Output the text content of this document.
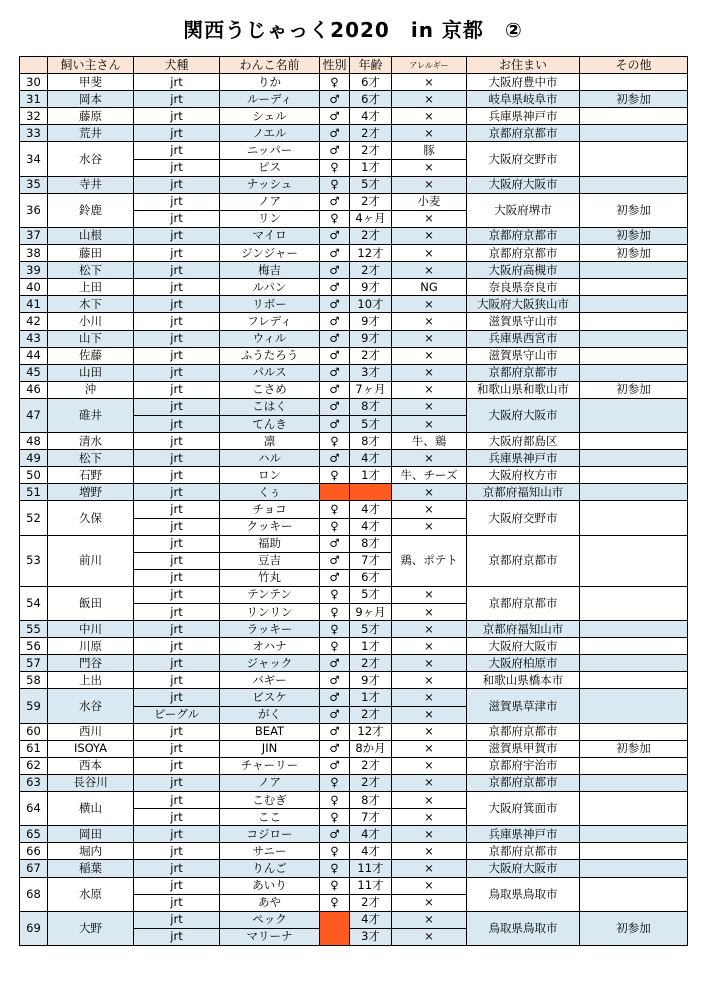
関西うじゃっく2020　in 京都　②
	飼い主さん	犬種	わんこ名前	性別	年齢	アレルギー	お住まい	その他
30	甲斐	jrt	りか	♀	6才	×	大阪府豊中市	
31	岡本	jrt	ルーディ	♂	6才	×	岐阜県岐阜市	初参加
32	藤原	jrt	シェル	♂	4才	×	兵庫県神戸市	
33	荒井	jrt	ノエル	♂	2才	×	京都府京都市	
34	水谷	jrt	ニッパー	♂	2才	豚	大阪府交野市	
		jrt	ピス	♀	1才	×		
35	寺井	jrt	ナッシュ	♀	5才	×	大阪府大阪市	
36	鈴鹿	jrt	ノア	♂	2才	小麦	大阪府堺市	初参加
		jrt	リン	♀	4ヶ月	×		
37	山根	jrt	マイロ	♂	2才	×	京都府京都市	初参加
38	藤田	jrt	ジンジャー	♂	12才	×	京都府京都市	初参加
39	松下	jrt	梅吉	♂	2才	×	大阪府高槻市	
40	上田	jrt	ルパン	♂	9才	NG	奈良県奈良市	
41	木下	jrt	リボー	♂	10才	×	大阪府大阪狭山市	
42	小川	jrt	フレディ	♂	9才	×	滋賀県守山市	
43	山下	jrt	ウィル	♂	9才	×	兵庫県西宮市	
44	佐藤	jrt	ふうたろう	♂	2才	×	滋賀県守山市	
45	山田	jrt	パルス	♂	3才	×	京都府京都市	
46	沖	jrt	こさめ	♂	7ヶ月	×	和歌山県和歌山市	初参加
47	碓井	jrt	こはく	♂	8才	×	大阪府大阪市	
		jrt	てんき	♂	5才	×		
48	清水	jrt	凛	♀	8才	牛、鶏	大阪府都島区	
49	松下	jrt	ハル	♂	4才	×	兵庫県神戸市	
50	石野	jrt	ロン	♀	1才	牛、チーズ	大阪府枚方市	
51	増野	jrt	くぅ			×	京都府福知山市	
52	久保	jrt	チョコ	♀	4才	×	大阪府交野市	
		jrt	クッキー	♀	4才	×		
53	前川	jrt	福助	♂	8才	鶏、ポテト	京都府京都市	
		jrt	豆吉	♂	7才			
		jrt	竹丸	♂	6才			
54	飯田	jrt	テンテン	♀	5才	×	京都府京都市	
		jrt	リンリン	♀	9ヶ月	×		
55	中川	jrt	ラッキー	♀	5才	×	京都府福知山市	
56	川原	jrt	オハナ	♀	1才	×	大阪府大阪市	
57	門谷	jrt	ジャック	♂	2才	×	大阪府柏原市	
58	上出	jrt	バギー	♂	9才	×	和歌山県橋本市	
59	水谷	jrt	ビスケ	♂	1才	×	滋賀県草津市	
		ビーグル	がく	♂	2才	×		
60	西川	jrt	BEAT	♂	12才	×	京都府京都市	
61	ISOYA	jrt	JIN	♂	8か月	×	滋賀県甲賀市	初参加
62	西本	jrt	チャーリー	♂	2才	×	京都府宇治市	
63	長谷川	jrt	ノア	♀	2才	×	京都府京都市	
64	横山	jrt	こむぎ	♀	8才	×	大阪府箕面市	
		jrt	ここ	♀	7才	×		
65	岡田	jrt	コジロー	♂	4才	×	兵庫県神戸市	
66	堀内	jrt	サニー	♀	4才	×	京都府京都市	
67	稲葉	jrt	りんご	♀	11才	×	大阪府大阪市	
68	水原	jrt	あいり	♀	11才	×	鳥取県鳥取市	
		jrt	あや	♀	2才	×		
69	大野	jrt	ペック		4才	×	鳥取県鳥取市	初参加
		jrt	マリーナ		3才	×		
